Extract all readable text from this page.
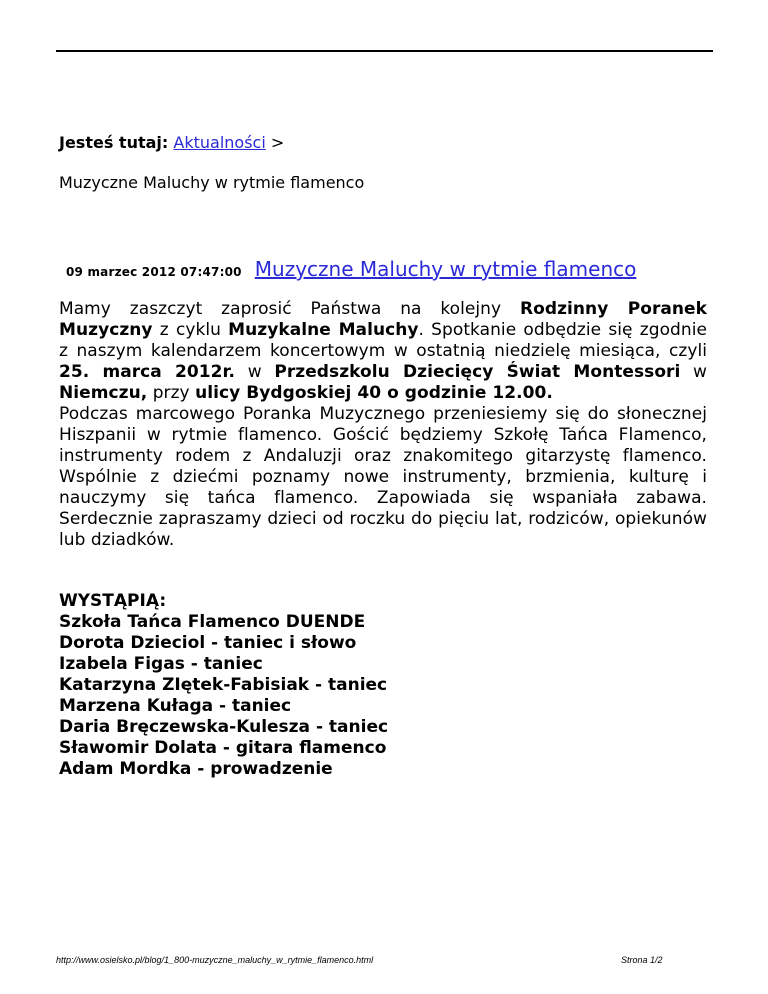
Jesteś tutaj: Aktualności >
Muzyczne Maluchy w rytmie flamenco
09 marzec 2012 07:47:00 Muzyczne Maluchy w rytmie flamenco

Mamy zaszczyt zaprosić Państwa na kolejny Rodzinny Poranek Muzyczny z cyklu Muzykalne Maluchy. Spotkanie odbędzie się zgodnie z naszym kalendarzem koncertowym w ostatnią niedzielę miesiąca, czyli 25. marca 2012r. w Przedszkolu Dziecięcy Świat Montessori w Niemczu, przy ulicy Bydgoskiej 40 o godzinie 12.00.

Podczas marcowego Poranka Muzycznego przeniesiemy się do słonecznej Hiszpanii w rytmie flamenco. Gościć będziemy Szkołę Tańca Flamenco, instrumenty rodem z Andaluzji oraz znakomitego gitarzystę flamenco. Wspólnie z dziećmi poznamy nowe instrumenty, brzmienia, kulturę i nauczymy się tańca flamenco. Zapowiada się wspaniała zabawa. Serdecznie zapraszamy dzieci od roczku do pięciu lat, rodziców, opiekunów lub dziadków.

WYSTĄPIĄ:
Szkoła Tańca Flamenco DUENDE
Dorota Dzieciol - taniec i słowo
Izabela Figas - taniec
Katarzyna ZIętek-Fabisiak - taniec
Marzena Kułaga - taniec
Daria Bręczewska-Kulesza - taniec
Sławomir Dolata - gitara flamenco
Adam Mordka - prowadzenie
http://www.osielsko.pl/blog/1_800-muzyczne_maluchy_w_rytmie_flamenco.html	Strona 1/2
